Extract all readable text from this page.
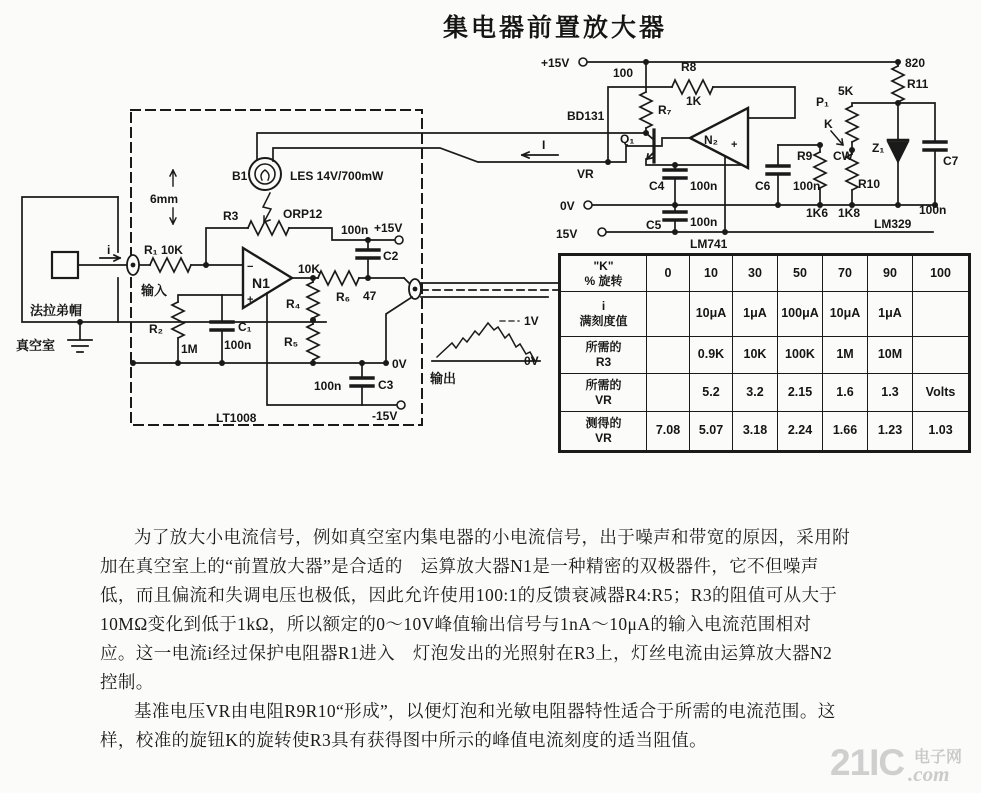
集电器前置放大器
+15V
100	R8
1K
R₇
BD131
Q₁
VR
I	N₂ +
P₁
5K
K
CW
820
R11
Z₁
C7
100n
R9
R10
1K6 1K8
LM329
C4 100n	C6 100n
0V
C5 100n
15V
LM741
B1	LES 14V/700mW
6mm
R3	ORP12
100n +15V
C2
R₁ 10K
输入	N1
−
+
10K
R₄
R₅
R₆ 47
R₂
1M
C₁
100n
0V
100n	C3
-15V
LT1008
法拉弟帽
真空室
i
1V
0V
输出
"K"
% 旋转	0	10	30	50	70	90	100

i
满刻度值		10μA	1μA	100μA	10μA	1μA	

所需的
R3		0.9K	10K	100K	1M	10M	

所需的
VR		5.2	3.2	2.15	1.6	1.3	Volts

测得的
VR	7.08	5.07	3.18	2.24	1.66	1.23	1.03
为了放大小电流信号，例如真空室内集电器的小电流信号，出于噪声和带宽的原因，采用附
加在真空室上的“前置放大器”是合适的　运算放大器N1是一种精密的双极器件，它不但噪声
低，而且偏流和失调电压也极低，因此允许使用100:1的反馈衰减器R4:R5；R3的阻值可从大于
10MΩ变化到低于1kΩ，所以额定的0～10V峰值输出信号与1nA～10μA的输入电流范围相对
应。这一电流i经过保护电阻器R1进入　灯泡发出的光照射在R3上，灯丝电流由运算放大器N2
控制。
基准电压VR由电阻R9R10“形成”，以便灯泡和光敏电阻器特性适合于所需的电流范围。这
样，校准的旋钮K的旋转使R3具有获得图中所示的峰值电流刻度的适当阻值。
21IC 电子网
.com
